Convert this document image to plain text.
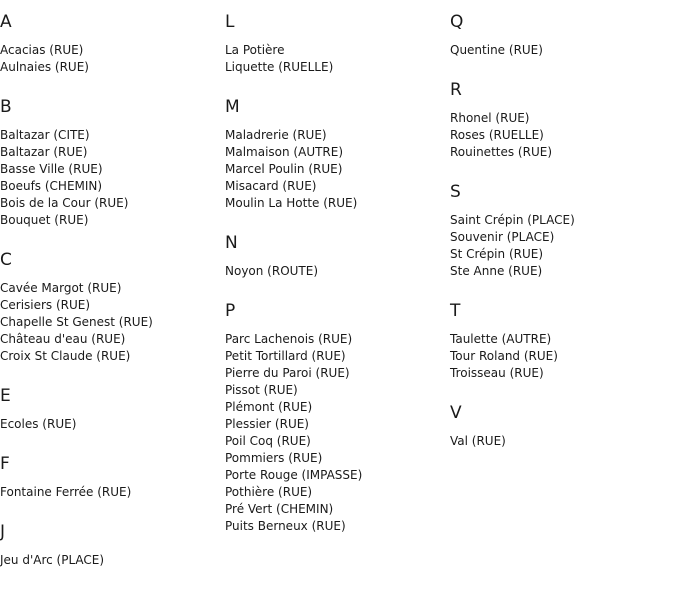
A
Acacias (RUE)
Aulnaies (RUE)
B
Baltazar (CITE)
Baltazar (RUE)
Basse Ville (RUE)
Boeufs (CHEMIN)
Bois de la Cour (RUE)
Bouquet (RUE)
C
Cavée Margot (RUE)
Cerisiers (RUE)
Chapelle St Genest (RUE)
Château d'eau (RUE)
Croix St Claude (RUE)
E
Ecoles (RUE)
F
Fontaine Ferrée (RUE)
J
Jeu d'Arc (PLACE)
L
La Potière
Liquette (RUELLE)
M
Maladrerie (RUE)
Malmaison (AUTRE)
Marcel Poulin (RUE)
Misacard (RUE)
Moulin La Hotte (RUE)
N
Noyon (ROUTE)
P
Parc Lachenois (RUE)
Petit Tortillard (RUE)
Pierre du Paroi (RUE)
Pissot (RUE)
Plémont (RUE)
Plessier (RUE)
Poil Coq (RUE)
Pommiers (RUE)
Porte Rouge (IMPASSE)
Pothière (RUE)
Pré Vert (CHEMIN)
Puits Berneux (RUE)
Q
Quentine (RUE)
R
Rhonel (RUE)
Roses (RUELLE)
Rouinettes (RUE)
S
Saint Crépin (PLACE)
Souvenir (PLACE)
St Crépin (RUE)
Ste Anne (RUE)
T
Taulette (AUTRE)
Tour Roland (RUE)
Troisseau (RUE)
V
Val (RUE)
